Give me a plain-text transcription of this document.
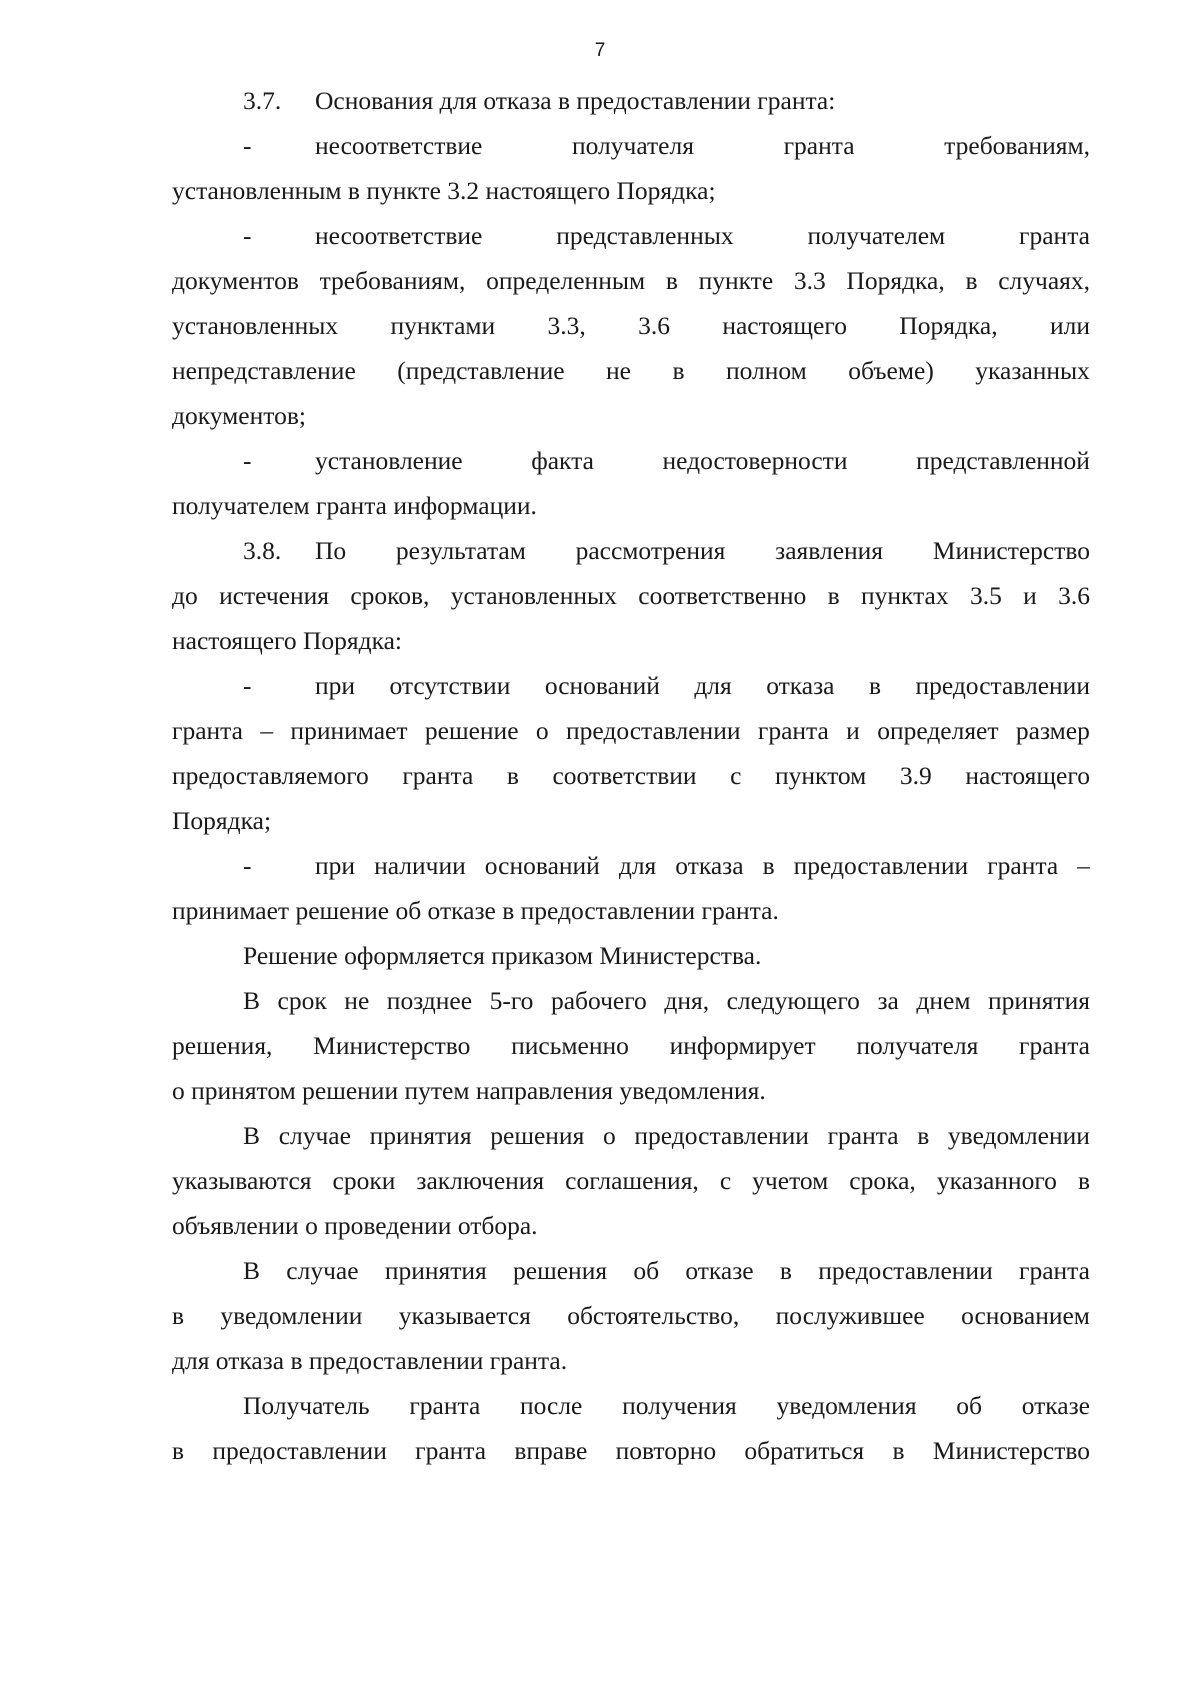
7
3.7.	Основания для отказа в предоставлении гранта:
-	несоответствие	получателя	гранта	требованиям,
установленным в пункте 3.2 настоящего Порядка;
-	несоответствие	представленных	получателем	гранта
документов требованиям, определенным в пункте 3.3 Порядка, в случаях,
установленных пунктами 3.3, 3.6 настоящего Порядка, или
непредставление (представление не в полном объеме) указанных
документов;
-	установление	факта	недостоверности	представленной
получателем гранта информации.
3.8.	По результатам рассмотрения заявления Министерство
до истечения сроков, установленных соответственно в пунктах 3.5 и 3.6
настоящего Порядка:
-	при отсутствии оснований для отказа в предоставлении
гранта – принимает решение о предоставлении гранта и определяет размер
предоставляемого гранта в соответствии с пунктом 3.9 настоящего
Порядка;
-	при наличии оснований для отказа в предоставлении гранта –
принимает решение об отказе в предоставлении гранта.
Решение оформляется приказом Министерства.
В срок не позднее 5-го рабочего дня, следующего за днем принятия
решения, Министерство письменно информирует получателя гранта
о принятом решении путем направления уведомления.
В случае принятия решения о предоставлении гранта в уведомлении
указываются сроки заключения соглашения, с учетом срока, указанного в
объявлении о проведении отбора.
В случае принятия решения об отказе в предоставлении гранта
в уведомлении указывается обстоятельство, послужившее основанием
для отказа в предоставлении гранта.
Получатель гранта после получения уведомления об отказе
в предоставлении гранта вправе повторно обратиться в Министерство
